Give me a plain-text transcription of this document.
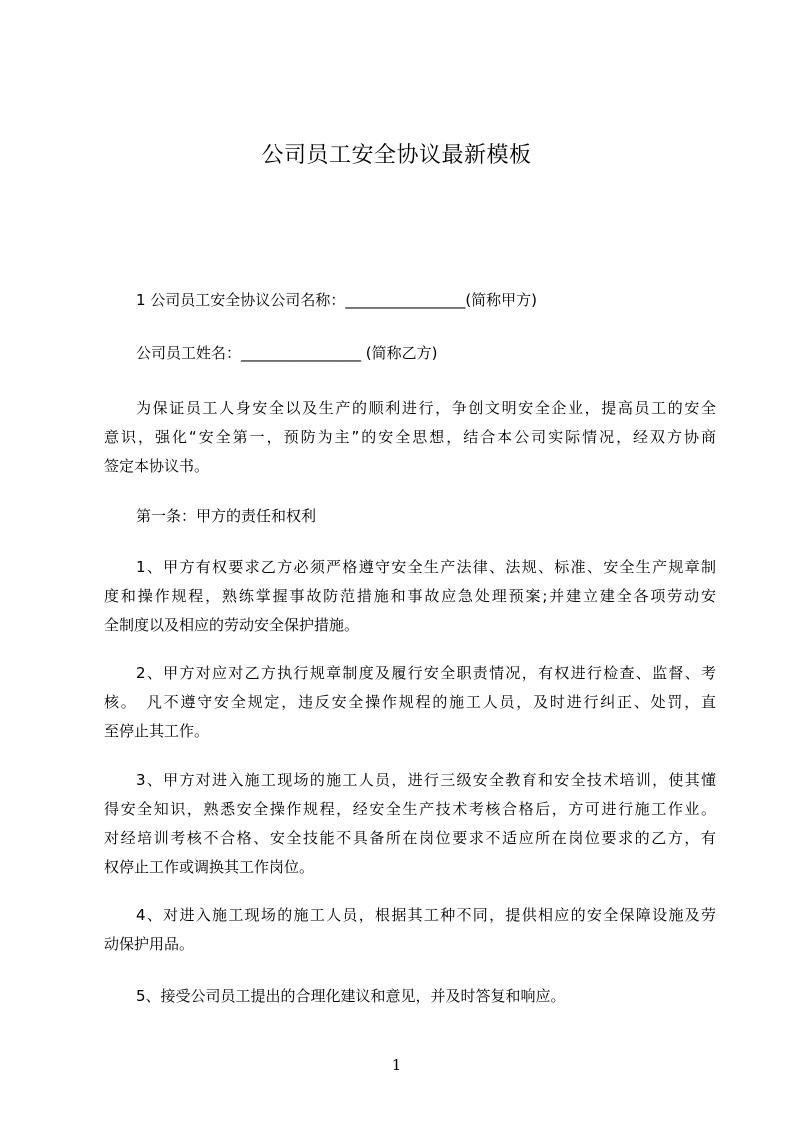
公司员工安全协议最新模板

1 公司员工安全协议公司名称：________________(简称甲方)

公司员工姓名：________________ (简称乙方)

为保证员工人身安全以及生产的顺利进行，争创文明安全企业，提高员工的安全
意识，强化“安全第一，预防为主”的安全思想，结合本公司实际情况，经双方协商
签定本协议书。

第一条：甲方的责任和权利

1、甲方有权要求乙方必须严格遵守安全生产法律、法规、标准、安全生产规章制
度和操作规程，熟练掌握事故防范措施和事故应急处理预案;并建立建全各项劳动安
全制度以及相应的劳动安全保护措施。

2、甲方对应对乙方执行规章制度及履行安全职责情况，有权进行检查、监督、考
核。　凡不遵守安全规定，违反安全操作规程的施工人员，及时进行纠正、处罚，直
至停止其工作。

3、甲方对进入施工现场的施工人员，进行三级安全教育和安全技术培训，使其懂
得安全知识，熟悉安全操作规程，经安全生产技术考核合格后，方可进行施工作业。
对经培训考核不合格、安全技能不具备所在岗位要求不适应所在岗位要求的乙方，有
权停止工作或调换其工作岗位。

4、对进入施工现场的施工人员，根据其工种不同，提供相应的安全保障设施及劳
动保护用品。

5、接受公司员工提出的合理化建议和意见，并及时答复和响应。

1
